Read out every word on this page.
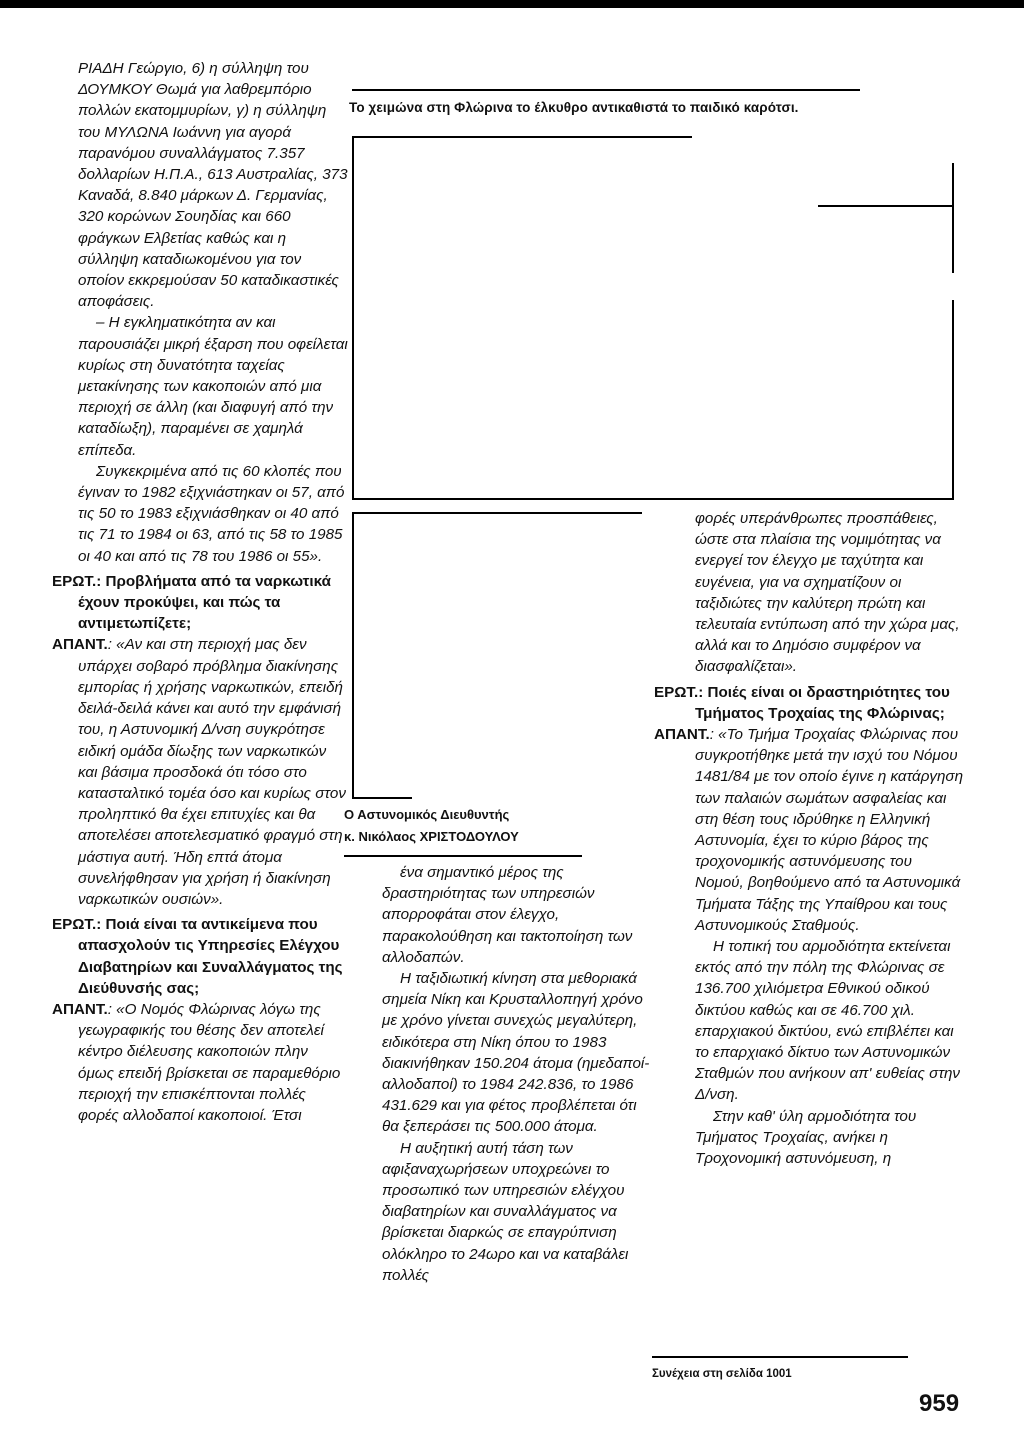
ΡΙΑΔΗ Γεώργιο, 6) η σύλληψη του ΔΟΥΜΚΟΥ Θωμά για λαθρεμπόριο πολλών εκατομμυρίων, γ) η σύλληψη του ΜΥΛΩΝΑ Ιωάννη για αγορά παρανόμου συναλλάγματος 7.357 δολλαρίων Η.Π.Α., 613 Αυστραλίας, 373 Καναδά, 8.840 μάρκων Δ. Γερμανίας, 320 κορώνων Σουηδίας και 660 φράγκων Ελβετίας καθώς και η σύλληψη καταδιωκομένου για τον οποίον εκκρεμούσαν 50 καταδικαστικές αποφάσεις.

– Η εγκληματικότητα αν και παρουσιάζει μικρή έξαρση που οφείλεται κυρίως στη δυνατότητα ταχείας μετακίνησης των κακοποιών από μια περιοχή σε άλλη (και διαφυγή από την καταδίωξη), παραμένει σε χαμηλά επίπεδα.

Συγκεκριμένα από τις 60 κλοπές που έγιναν το 1982 εξιχνιάστηκαν οι 57, από τις 50 το 1983 εξιχνιάσθηκαν οι 40 από τις 71 το 1984 οι 63, από τις 58 το 1985 οι 40 και από τις 78 του 1986 οι 55».

ΕΡΩΤ.: Προβλήματα από τα ναρκωτικά έχουν προκύψει, και πώς τα αντιμετωπίζετε;

ΑΠΑΝΤ.: «Αν και στη περιοχή μας δεν υπάρχει σοβαρό πρόβλημα διακίνησης εμπορίας ή χρήσης ναρκωτικών, επειδή δειλά-δειλά κάνει και αυτό την εμφάνισή του, η Αστυνομική Δ/νση συγκρότησε ειδική ομάδα δίωξης των ναρκωτικών και βάσιμα προσδοκά ότι τόσο στο κατασταλτικό τομέα όσο και κυρίως στον προληπτικό θα έχει επιτυχίες και θα αποτελέσει αποτελεσματικό φραγμό στη μάστιγα αυτή. Ήδη επτά άτομα συνελήφθησαν για χρήση ή διακίνηση ναρκωτικών ουσιών».

ΕΡΩΤ.: Ποιά είναι τα αντικείμενα που απασχολούν τις Υπηρεσίες Ελέγχου Διαβατηρίων και Συναλλάγματος της Διεύθυνσής σας;

ΑΠΑΝΤ.: «Ο Νομός Φλώρινας λόγω της γεωγραφικής του θέσης δεν αποτελεί κέντρο διέλευσης κακοποιών πλην όμως επειδή βρίσκεται σε παραμεθόριο περιοχή την επισκέπτονται πολλές φορές αλλοδαποί κακοποιοί. Έτσι

Το χειμώνα στη Φλώρινα το έλκυθρο αντικαθιστά το παιδικό καρότσι.
Ο Αστυνομικός Διευθυντής
κ. Νικόλαος ΧΡΙΣΤΟΔΟΥΛΟΥ

ένα σημαντικό μέρος της δραστηριότητας των υπηρεσιών απορροφάται στον έλεγχο, παρακολούθηση και τακτοποίηση των αλλοδαπών.

Η ταξιδιωτική κίνηση στα μεθοριακά σημεία Νίκη και Κρυσταλλοπηγή χρόνο με χρόνο γίνεται συνεχώς μεγαλύτερη, ειδικότερα στη Νίκη όπου το 1983 διακινήθηκαν 150.204 άτομα (ημεδαποί-αλλοδαποί) το 1984 242.836, το 1986 431.629 και για φέτος προβλέπεται ότι θα ξεπεράσει τις 500.000 άτομα.

Η αυξητική αυτή τάση των αφιξαναχωρήσεων υποχρεώνει το προσωπικό των υπηρεσιών ελέγχου διαβατηρίων και συναλλάγματος να βρίσκεται διαρκώς σε επαγρύπνιση ολόκληρο το 24ωρο και να καταβάλει πολλές

φορές υπεράνθρωπες προσπάθειες, ώστε στα πλαίσια της νομιμότητας να ενεργεί τον έλεγχο με ταχύτητα και ευγένεια, για να σχηματίζουν οι ταξιδιώτες την καλύτερη πρώτη και τελευταία εντύπωση από την χώρα μας, αλλά και το Δημόσιο συμφέρον να διασφαλίζεται».

ΕΡΩΤ.: Ποιές είναι οι δραστηριότητες του Τμήματος Τροχαίας της Φλώρινας;

ΑΠΑΝΤ.: «Το Τμήμα Τροχαίας Φλώρινας που συγκροτήθηκε μετά την ισχύ του Νόμου 1481/84 με τον οποίο έγινε η κατάργηση των παλαιών σωμάτων ασφαλείας και στη θέση τους ιδρύθηκε η Ελληνική Αστυνομία, έχει το κύριο βάρος της τροχονομικής αστυνόμευσης του Νομού, βοηθούμενο από τα Αστυνομικά Τμήματα Τάξης της Υπαίθρου και τους Αστυνομικούς Σταθμούς.

Η τοπική του αρμοδιότητα εκτείνεται εκτός από την πόλη της Φλώρινας σε 136.700 χιλιόμετρα Εθνικού οδικού δικτύου καθώς και σε 46.700 χιλ. επαρχιακού δικτύου, ενώ επιβλέπει και το επαρχιακό δίκτυο των Αστυνομικών Σταθμών που ανήκουν απ' ευθείας στην Δ/νση.

Στην καθ' ύλη αρμοδιότητα του Τμήματος Τροχαίας, ανήκει η Τροχονομική αστυνόμευση, η

Συνέχεια στη σελίδα 1001
959
